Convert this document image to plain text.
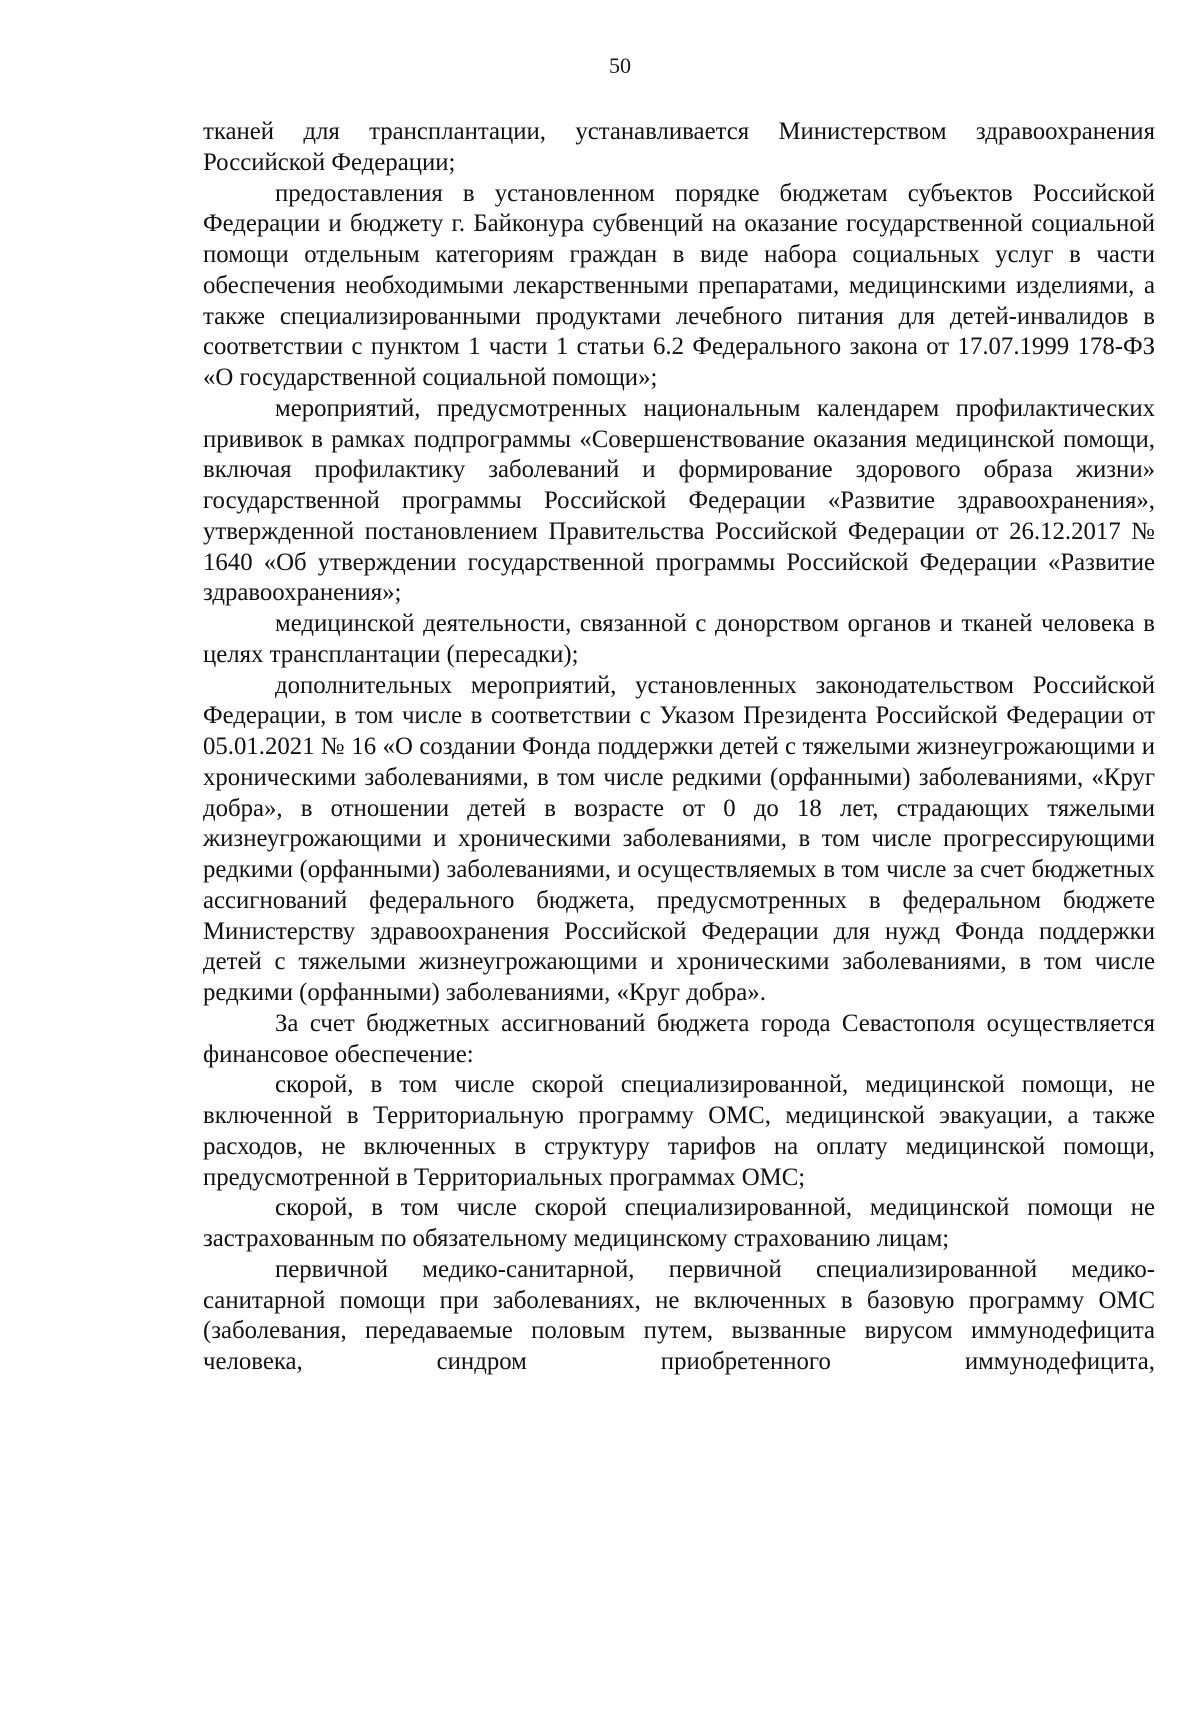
50

тканей для трансплантации, устанавливается Министерством здравоохранения Российской Федерации;

предоставления в установленном порядке бюджетам субъектов Российской Федерации и бюджету г. Байконура субвенций на оказание государственной социальной помощи отдельным категориям граждан в виде набора социальных услуг в части обеспечения необходимыми лекарственными препаратами, медицинскими изделиями, а также специализированными продуктами лечебного питания для детей-инвалидов в соответствии с пунктом 1 части 1 статьи 6.2 Федерального закона от 17.07.1999 178-ФЗ «О государственной социальной помощи»;

мероприятий, предусмотренных национальным календарем профилактических прививок в рамках подпрограммы «Совершенствование оказания медицинской помощи, включая профилактику заболеваний и формирование здорового образа жизни» государственной программы Российской Федерации «Развитие здравоохранения», утвержденной постановлением Правительства Российской Федерации от 26.12.2017 № 1640 «Об утверждении государственной программы Российской Федерации «Развитие здравоохранения»;

медицинской деятельности, связанной с донорством органов и тканей человека в целях трансплантации (пересадки);

дополнительных мероприятий, установленных законодательством Российской Федерации, в том числе в соответствии с Указом Президента Российской Федерации от 05.01.2021 № 16 «О создании Фонда поддержки детей с тяжелыми жизнеугрожающими и хроническими заболеваниями, в том числе редкими (орфанными) заболеваниями, «Круг добра», в отношении детей в возрасте от 0 до 18 лет, страдающих тяжелыми жизнеугрожающими и хроническими заболеваниями, в том числе прогрессирующими редкими (орфанными) заболеваниями, и осуществляемых в том числе за счет бюджетных ассигнований федерального бюджета, предусмотренных в федеральном бюджете Министерству здравоохранения Российской Федерации для нужд Фонда поддержки детей с тяжелыми жизнеугрожающими и хроническими заболеваниями, в том числе редкими (орфанными) заболеваниями, «Круг добра».

За счет бюджетных ассигнований бюджета города Севастополя осуществляется финансовое обеспечение:

скорой, в том числе скорой специализированной, медицинской помощи, не включенной в Территориальную программу ОМС, медицинской эвакуации, а также расходов, не включенных в структуру тарифов на оплату медицинской помощи, предусмотренной в Территориальных программах ОМС;

скорой, в том числе скорой специализированной, медицинской помощи не застрахованным по обязательному медицинскому страхованию лицам;

первичной медико-санитарной, первичной специализированной медико-санитарной помощи при заболеваниях, не включенных в базовую программу ОМС (заболевания, передаваемые половым путем, вызванные вирусом иммунодефицита человека, синдром приобретенного иммунодефицита,
